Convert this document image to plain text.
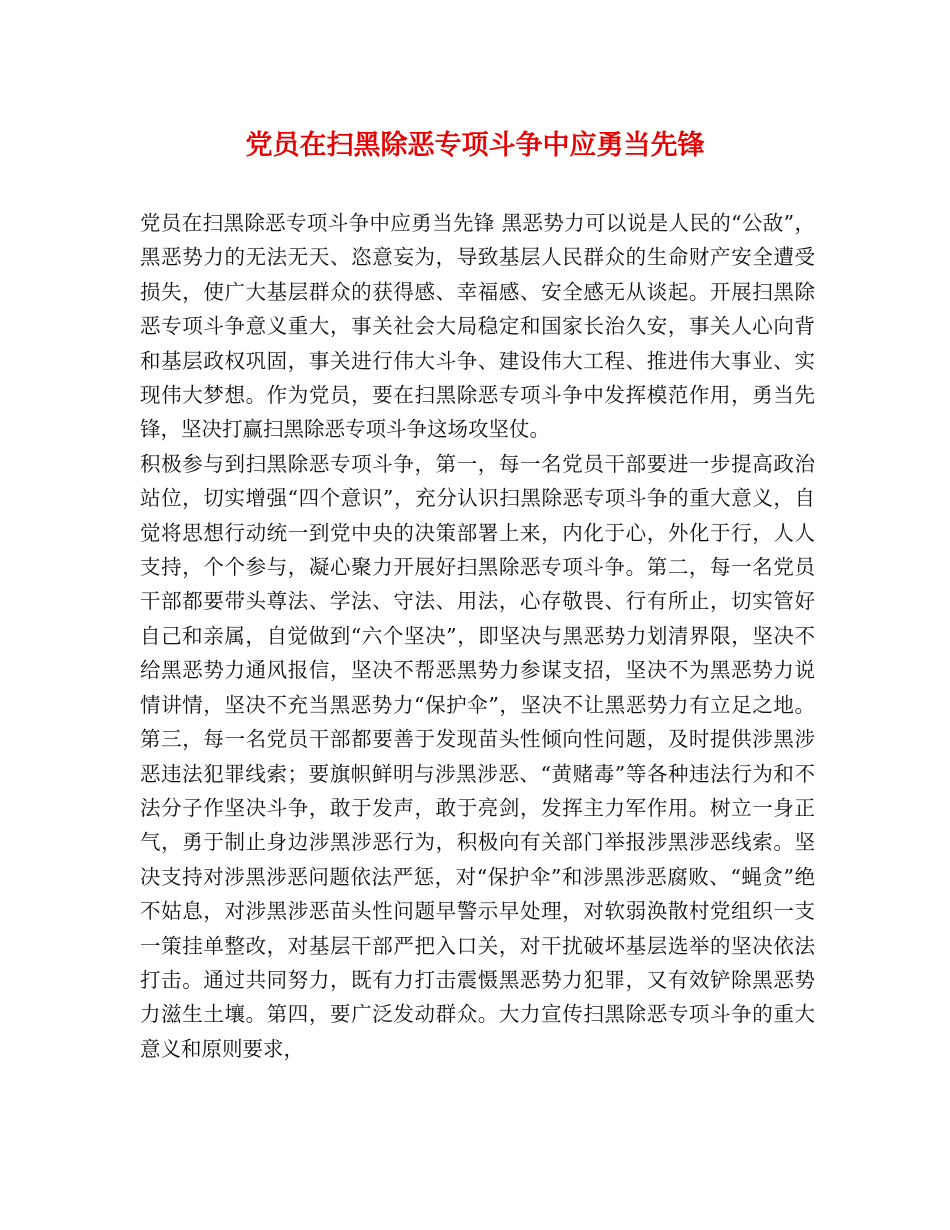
党员在扫黑除恶专项斗争中应勇当先锋

党员在扫黑除恶专项斗争中应勇当先锋 黑恶势力可以说是人民的“公敌”，黑恶势力的无法无天、恣意妄为，导致基层人民群众的生命财产安全遭受损失，使广大基层群众的获得感、幸福感、安全感无从谈起。开展扫黑除恶专项斗争意义重大，事关社会大局稳定和国家长治久安，事关人心向背和基层政权巩固，事关进行伟大斗争、建设伟大工程、推进伟大事业、实现伟大梦想。作为党员，要在扫黑除恶专项斗争中发挥模范作用，勇当先锋，坚决打赢扫黑除恶专项斗争这场攻坚仗。

积极参与到扫黑除恶专项斗争，第一，每一名党员干部要进一步提高政治站位，切实增强“四个意识”，充分认识扫黑除恶专项斗争的重大意义，自觉将思想行动统一到党中央的决策部署上来，内化于心，外化于行，人人支持，个个参与，凝心聚力开展好扫黑除恶专项斗争。第二，每一名党员干部都要带头尊法、学法、守法、用法，心存敬畏、行有所止，切实管好自己和亲属，自觉做到“六个坚决”，即坚决与黑恶势力划清界限，坚决不给黑恶势力通风报信，坚决不帮恶黑势力参谋支招，坚决不为黑恶势力说情讲情，坚决不充当黑恶势力“保护伞”，坚决不让黑恶势力有立足之地。第三，每一名党员干部都要善于发现苗头性倾向性问题，及时提供涉黑涉恶违法犯罪线索；要旗帜鲜明与涉黑涉恶、“黄赌毒”等各种违法行为和不法分子作坚决斗争，敢于发声，敢于亮剑，发挥主力军作用。树立一身正气，勇于制止身边涉黑涉恶行为，积极向有关部门举报涉黑涉恶线索。坚决支持对涉黑涉恶问题依法严惩，对“保护伞”和涉黑涉恶腐败、“蝇贪”绝不姑息，对涉黑涉恶苗头性问题早警示早处理，对软弱涣散村党组织一支一策挂单整改，对基层干部严把入口关，对干扰破坏基层选举的坚决依法打击。通过共同努力，既有力打击震慑黑恶势力犯罪，又有效铲除黑恶势力滋生土壤。第四，要广泛发动群众。大力宣传扫黑除恶专项斗争的重大意义和原则要求，
